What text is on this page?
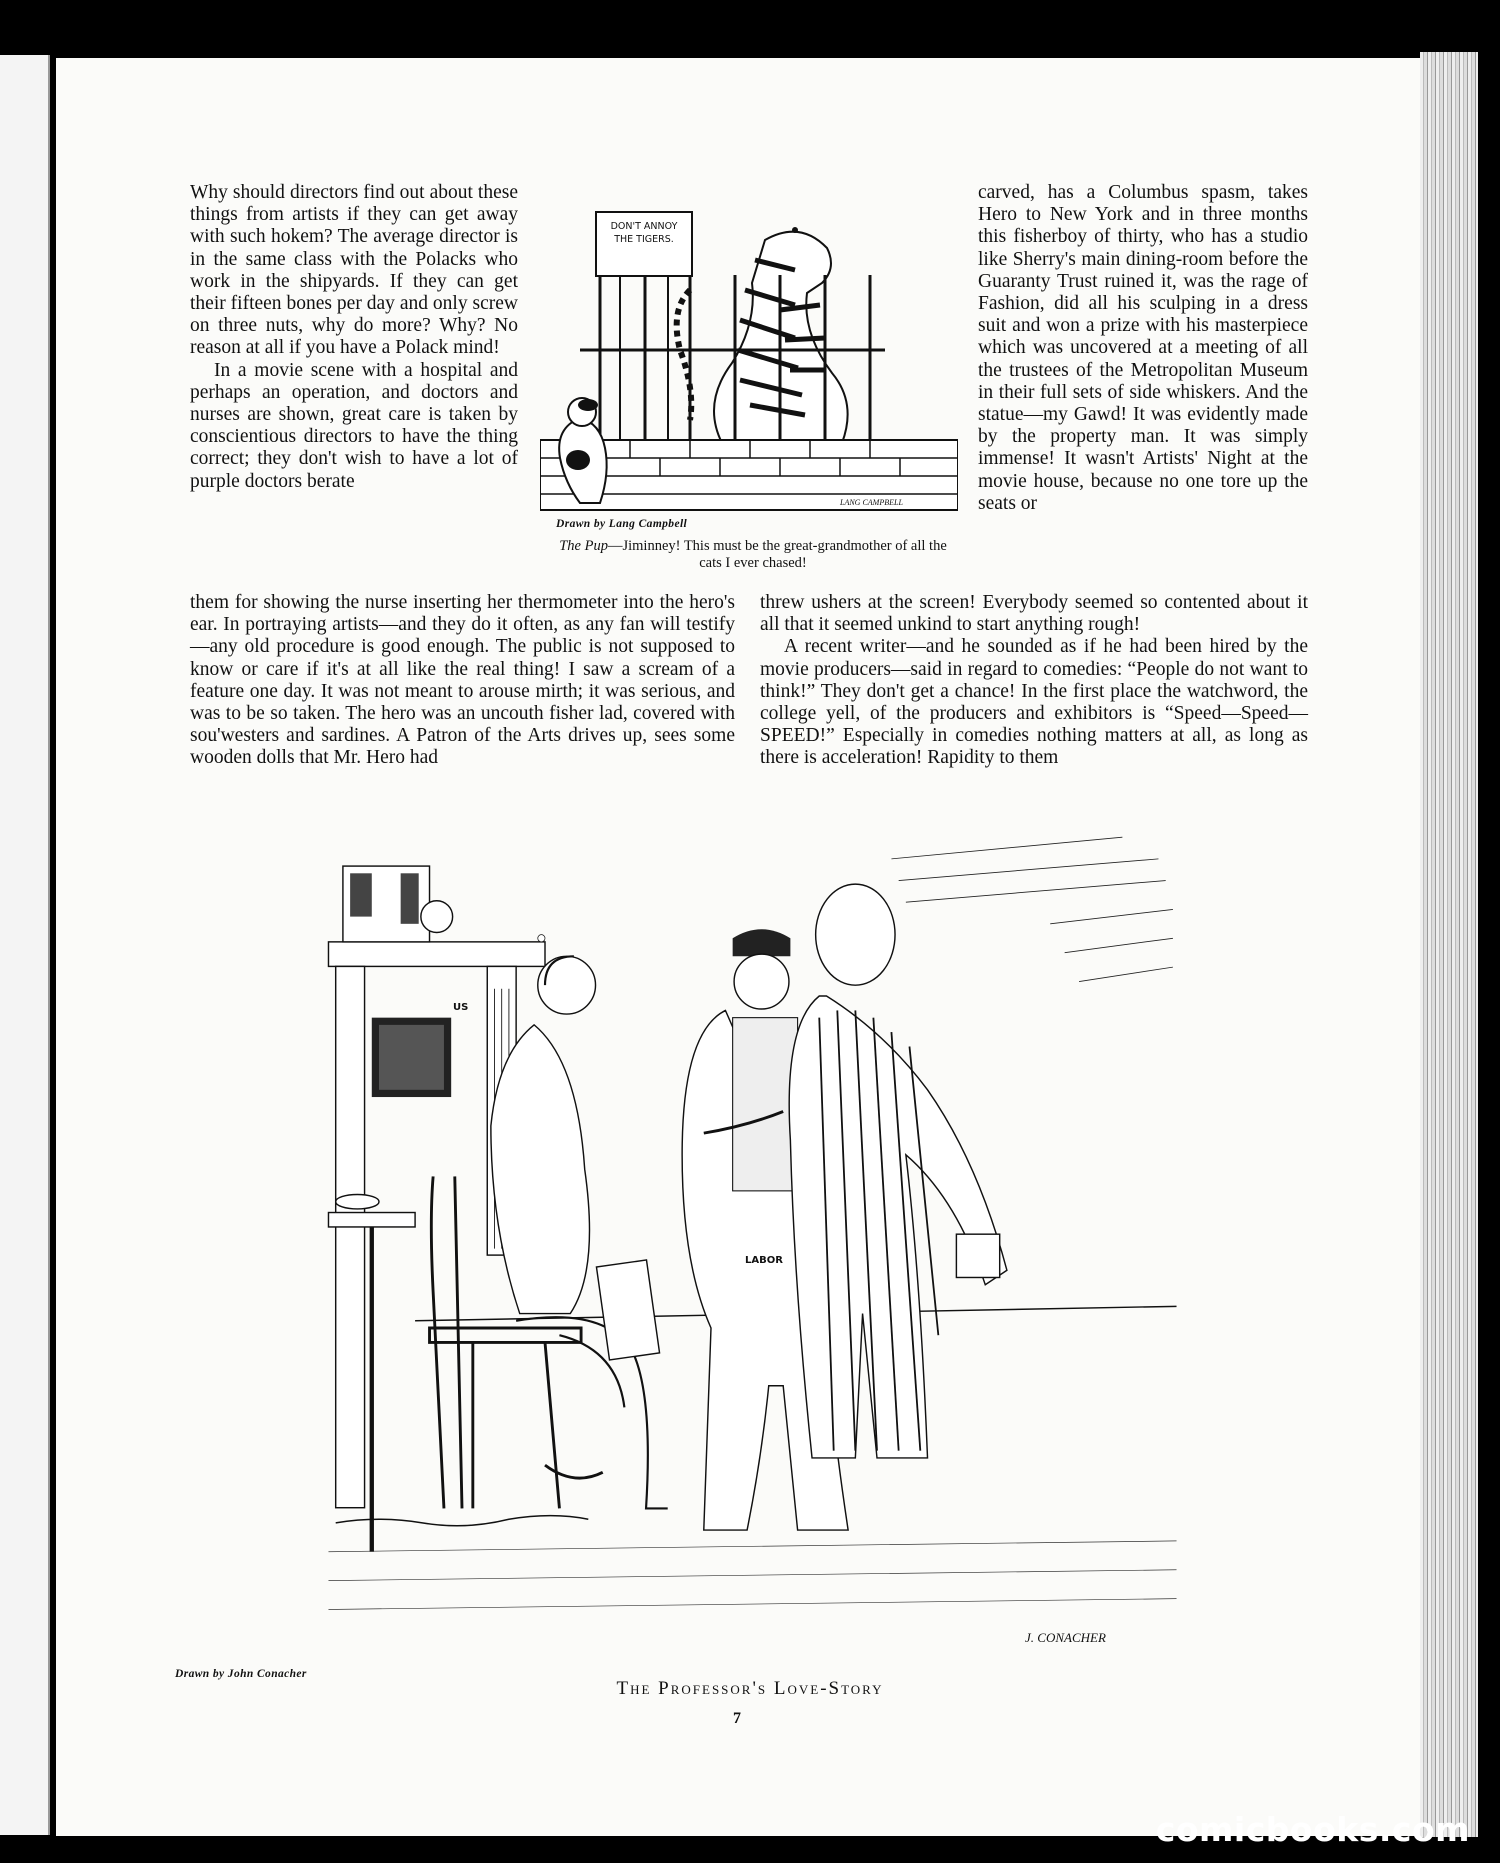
Why should directors find out about these things from artists if they can get away with such hokem? The average director is in the same class with the Polacks who work in the shipyards. If they can get their fifteen bones per day and only screw on three nuts, why do more? Why? No reason at all if you have a Polack mind!

In a movie scene with a hospital and perhaps an operation, and doctors and nurses are shown, great care is taken by conscientious directors to have the thing correct; they don't wish to have a lot of purple doctors berate

carved, has a Columbus spasm, takes Hero to New York and in three months this fisherboy of thirty, who has a studio like Sherry's main dining-room before the Guaranty Trust ruined it, was the rage of Fashion, did all his sculping in a dress suit and won a prize with his masterpiece which was uncovered at a meeting of all the trustees of the Metropolitan Museum in their full sets of side whiskers. And the statue—my Gawd! It was evidently made by the property man. It was simply immense! It wasn't Artists' Night at the movie house, because no one tore up the seats or

DON'T ANNOY THE TIGERS.
LANG CAMPBELL
Drawn by Lang Campbell
The Pup—Jiminney! This must be the great-grandmother of all the cats I ever chased!

them for showing the nurse inserting her thermometer into the hero's ear. In portraying artists—and they do it often, as any fan will testify—any old procedure is good enough. The public is not supposed to know or care if it's at all like the real thing! I saw a scream of a feature one day. It was not meant to arouse mirth; it was serious, and was to be so taken. The hero was an uncouth fisher lad, covered with sou'westers and sardines. A Patron of the Arts drives up, sees some wooden dolls that Mr. Hero had

threw ushers at the screen! Everybody seemed so contented about it all that it seemed unkind to start anything rough!

A recent writer—and he sounded as if he had been hired by the movie producers—said in regard to comedies: “People do not want to think!” They don't get a chance! In the first place the watchword, the college yell, of the producers and exhibitors is “Speed—Speed—SPEED!” Especially in comedies nothing matters at all, as long as there is acceleration! Rapidity to them

LABOR
US
J. CONACHER
Drawn by John Conacher
The Professor's Love-Story
7
comicbooks.com
